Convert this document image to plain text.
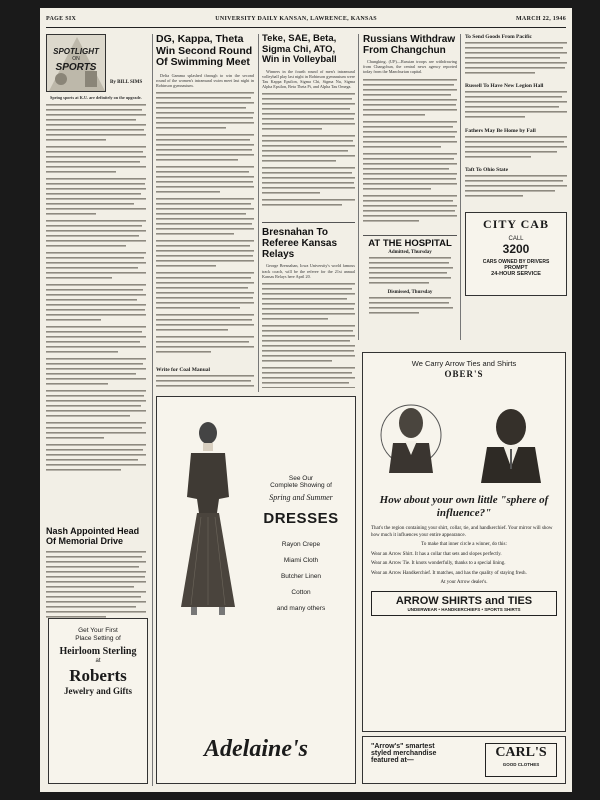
PAGE SIX	UNIVERSITY DAILY KANSAN, LAWRENCE, KANSAS	MARCH 22, 1946
SPOTLIGHT
ON
SPORTS
By BILL SIMS

Spring sports at K.U. are definitely on the upgrade.

Nash Appointed Head Of Memorial Drive
Get Your First
Place Setting of
Heirloom Sterling
at
Roberts
Jewelry and Gifts
DG, Kappa, Theta Win Second Round Of Swimming Meet

Delta Gamma splashed through to win the second round of the women's intramural swim meet last night in Robinson gymnasium.

Write for Coal Manual
Teke, SAE, Beta, Sigma Chi, ATO, Win in Volleyball

Winners in the fourth round of men's intramural volleyball play last night in Robinson gymnasium were Tau Kappa Epsilon, Sigma Chi, Sigma Nu, Sigma Alpha Epsilon, Beta Theta Pi, and Alpha Tau Omega.

Bresnahan To Referee Kansas Relays

George Bresnahan, Iowa University's world famous track coach, will be the referee for the 21st annual Kansas Relays here April 20.

Russians Withdraw From Changchun

Chungking. (UP)—Russian troops are withdrawing from Changchun, the central news agency reported today from the Manchurian capital.

AT THE HOSPITAL
Admitted, Thursday
Dismissed, Thursday
To Send Goods From Pacific
Russell To Have New Legion Hall
Fathers May Be Home by Fall
Taft To Ohio State
CITY CAB
CALL
3200
CARS OWNED BY DRIVERS
PROMPT
24-HOUR SERVICE
See Our
Complete Showing of
Spring and Summer
DRESSES
Rayon Crepe
Miami Cloth
Butcher Linen
Cotton
and many others
Adelaine's
We Carry Arrow Ties and Shirts
OBER'S
How about your own little "sphere of influence?"

That's the region containing your shirt, collar, tie, and handkerchief. Your mirror will show how much it influences your entire appearance.

To make that inner circle a winner, do this:

Wear an Arrow Shirt. It has a collar that sets and slopes perfectly.

Wear an Arrow Tie. It knots wonderfully, thanks to a special lining.

Wear an Arrow Handkerchief. It matches, and has the quality of staying fresh.

At your Arrow dealer's.

ARROW SHIRTS and TIES
UNDERWEAR • HANDKERCHIEFS • SPORTS SHIRTS
"Arrow's" smartest
styled merchandise
featured at—
CARL'S
GOOD CLOTHES
